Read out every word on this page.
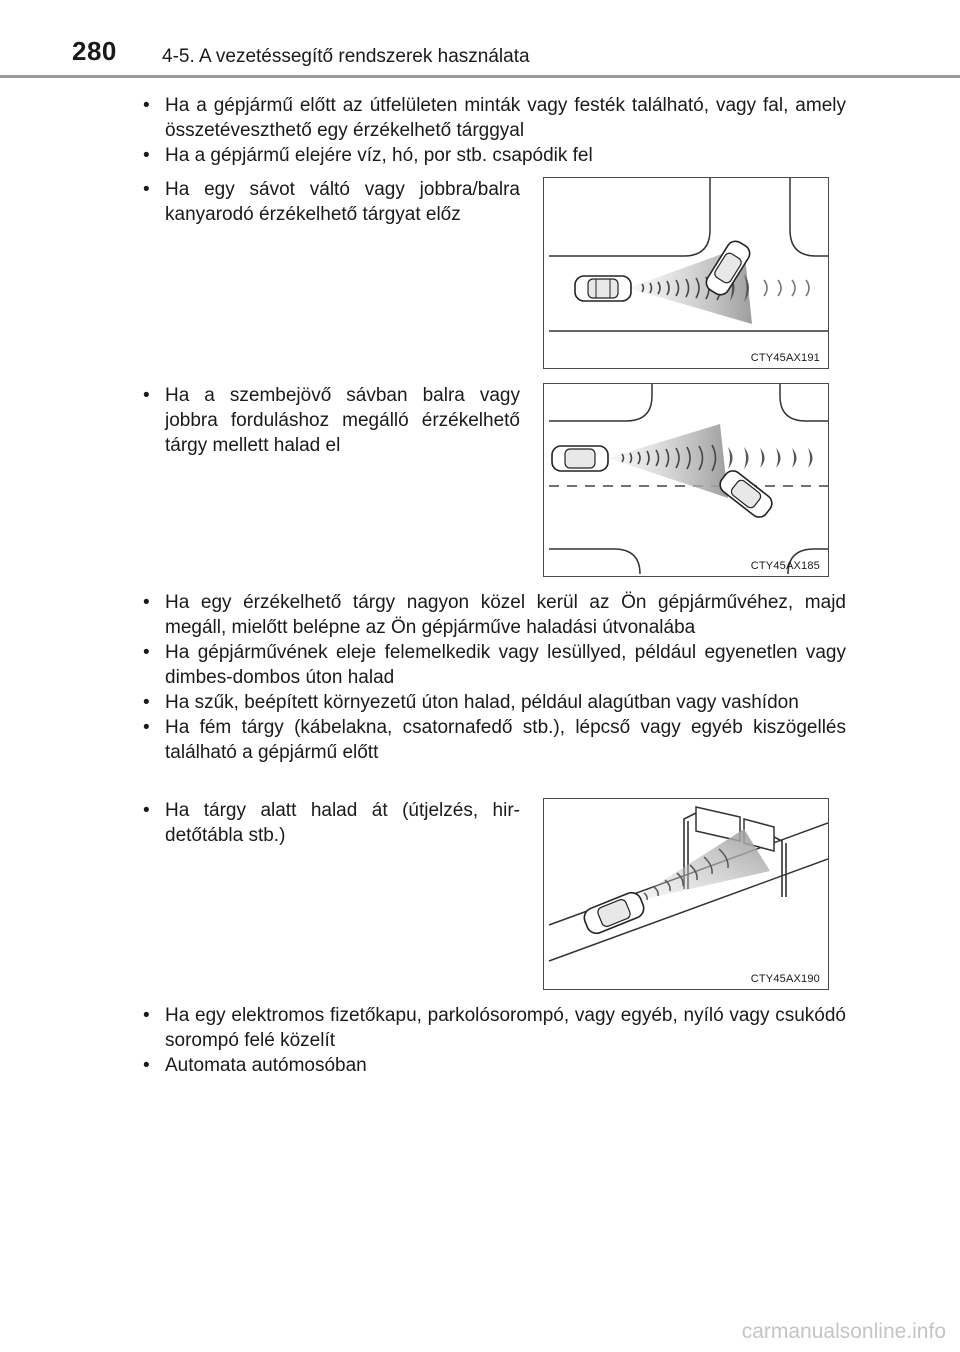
280 4-5. A vezetéssegítő rendszerek használata
• Ha a gépjármű előtt az útfelületen minták vagy festék található, vagy fal, amely összetéveszthető egy érzékelhető tárggyal
• Ha a gépjármű elejére víz, hó, por stb. csapódik fel
• Ha egy sávot váltó vagy jobbra/balra kanyarodó érzékelhető tárgyat előz
CTY45AX191
• Ha a szembejövő sávban balra vagy jobbra forduláshoz megálló érzékelhető tárgy mellett halad el
CTY45AX185
• Ha egy érzékelhető tárgy nagyon közel kerül az Ön gépjárművéhez, majd megáll, mielőtt belépne az Ön gépjárműve haladási útvonalába
• Ha gépjárművének eleje felemelkedik vagy lesüllyed, például egyenetlen vagy dimbes-dombos úton halad
• Ha szűk, beépített környezetű úton halad, például alagútban vagy vashídon
• Ha fém tárgy (kábelakna, csatornafedő stb.), lépcső vagy egyéb kiszögellés található a gépjármű előtt
• Ha tárgy alatt halad át (útjelzés, hirdetőtábla stb.)
CTY45AX190
• Ha egy elektromos fizetőkapu, parkolósorompó, vagy egyéb, nyíló vagy csukódó sorompó felé közelít
• Automata autómosóban
carmanualsonline.info
